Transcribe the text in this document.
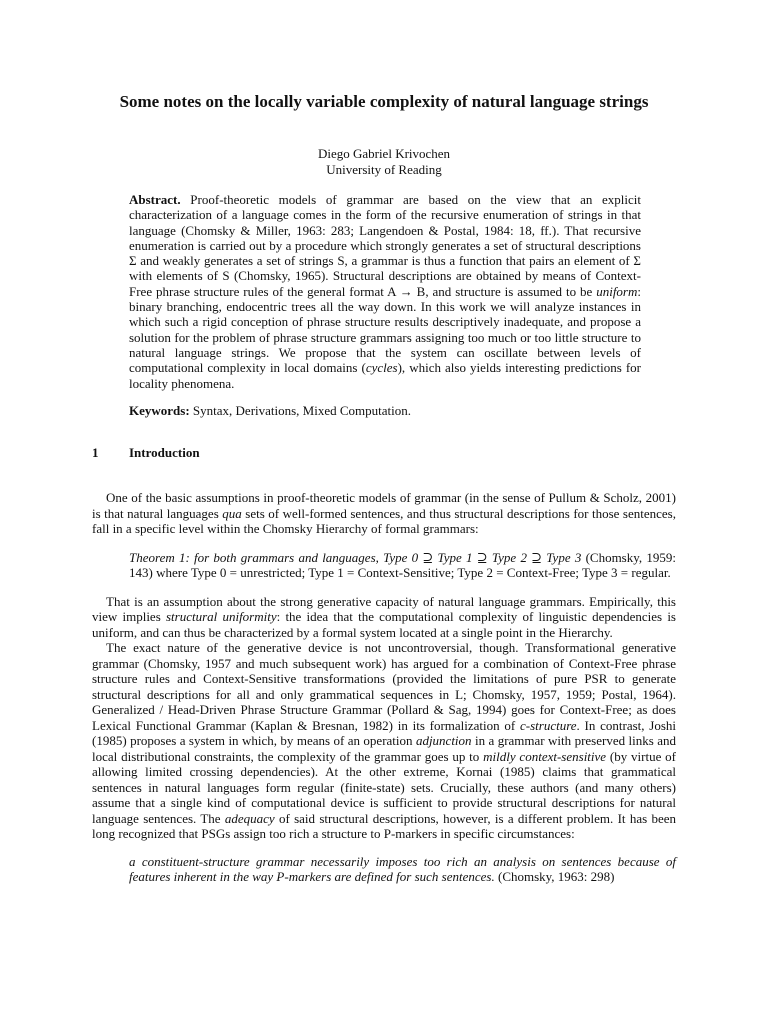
Some notes on the locally variable complexity of natural language strings
Diego Gabriel Krivochen
University of Reading
Abstract. Proof-theoretic models of grammar are based on the view that an explicit characterization of a language comes in the form of the recursive enumeration of strings in that language (Chomsky & Miller, 1963: 283; Langendoen & Postal, 1984: 18, ff.). That recursive enumeration is carried out by a procedure which strongly generates a set of structural descriptions Σ and weakly generates a set of strings S, a grammar is thus a function that pairs an element of Σ with elements of S (Chomsky, 1965). Structural descriptions are obtained by means of Context-Free phrase structure rules of the general format A → B, and structure is assumed to be uniform: binary branching, endocentric trees all the way down. In this work we will analyze instances in which such a rigid conception of phrase structure results descriptively inadequate, and propose a solution for the problem of phrase structure grammars assigning too much or too little structure to natural language strings. We propose that the system can oscillate between levels of computational complexity in local domains (cycles), which also yields interesting predictions for locality phenomena.
Keywords: Syntax, Derivations, Mixed Computation.
1 Introduction

One of the basic assumptions in proof-theoretic models of grammar (in the sense of Pullum & Scholz, 2001) is that natural languages qua sets of well-formed sentences, and thus structural descriptions for those sentences, fall in a specific level within the Chomsky Hierarchy of formal grammars:

Theorem 1: for both grammars and languages, Type 0 ⊇ Type 1 ⊇ Type 2 ⊇ Type 3 (Chomsky, 1959: 143) where Type 0 = unrestricted; Type 1 = Context-Sensitive; Type 2 = Context-Free; Type 3 = regular.

That is an assumption about the strong generative capacity of natural language grammars. Empirically, this view implies structural uniformity: the idea that the computational complexity of linguistic dependencies is uniform, and can thus be characterized by a formal system located at a single point in the Hierarchy.

The exact nature of the generative device is not uncontroversial, though. Transformational generative grammar (Chomsky, 1957 and much subsequent work) has argued for a combination of Context-Free phrase structure rules and Context-Sensitive transformations (provided the limitations of pure PSR to generate structural descriptions for all and only grammatical sequences in L; Chomsky, 1957, 1959; Postal, 1964). Generalized / Head-Driven Phrase Structure Grammar (Pollard & Sag, 1994) goes for Context-Free; as does Lexical Functional Grammar (Kaplan & Bresnan, 1982) in its formalization of c-structure. In contrast, Joshi (1985) proposes a system in which, by means of an operation adjunction in a grammar with preserved links and local distributional constraints, the complexity of the grammar goes up to mildly context-sensitive (by virtue of allowing limited crossing dependencies). At the other extreme, Kornai (1985) claims that grammatical sentences in natural languages form regular (finite-state) sets. Crucially, these authors (and many others) assume that a single kind of computational device is sufficient to provide structural descriptions for natural language sentences. The adequacy of said structural descriptions, however, is a different problem. It has been long recognized that PSGs assign too rich a structure to P-markers in specific circumstances:

a constituent-structure grammar necessarily imposes too rich an analysis on sentences because of features inherent in the way P-markers are defined for such sentences. (Chomsky, 1963: 298)
